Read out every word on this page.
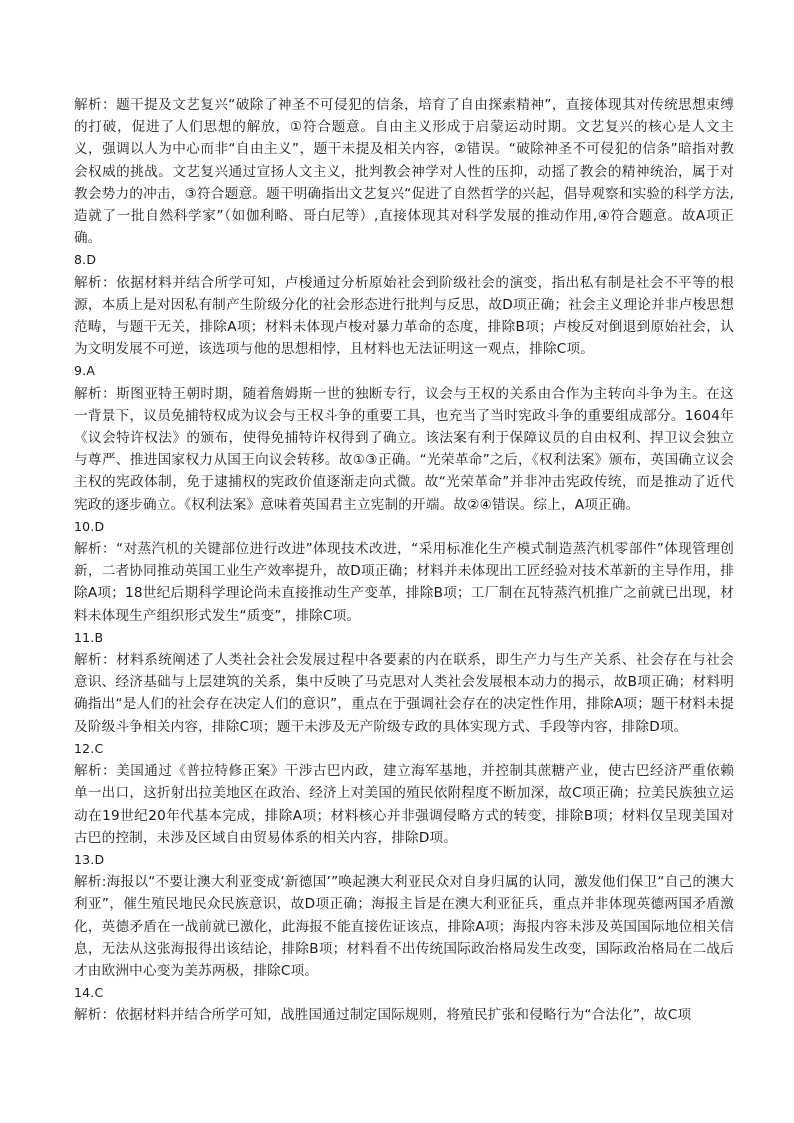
解析：题干提及文艺复兴“破除了神圣不可侵犯的信条，培育了自由探索精神”，直接体现其对传统思想束缚的打破，促进了人们思想的解放，①符合题意。自由主义形成于启蒙运动时期。文艺复兴的核心是人文主义，强调以人为中心而非“自由主义”，题干未提及相关内容，②错误。“破除神圣不可侵犯的信条”暗指对教会权威的挑战。文艺复兴通过宣扬人文主义，批判教会神学对人性的压抑，动摇了教会的精神统治，属于对教会势力的冲击，③符合题意。题干明确指出文艺复兴“促进了自然哲学的兴起，倡导观察和实验的科学方法,造就了一批自然科学家”（如伽利略、哥白尼等）,直接体现其对科学发展的推动作用,④符合题意。故A项正确。

8.D

解析：依据材料并结合所学可知，卢梭通过分析原始社会到阶级社会的演变，指出私有制是社会不平等的根源，本质上是对因私有制产生阶级分化的社会形态进行批判与反思，故D项正确；社会主义理论并非卢梭思想范畴，与题干无关，排除A项；材料未体现卢梭对暴力革命的态度，排除B项；卢梭反对倒退到原始社会，认为文明发展不可逆，该选项与他的思想相悖，且材料也无法证明这一观点，排除C项。

9.A

解析：斯图亚特王朝时期，随着詹姆斯一世的独断专行，议会与王权的关系由合作为主转向斗争为主。在这一背景下，议员免捕特权成为议会与王权斗争的重要工具，也充当了当时宪政斗争的重要组成部分。1604年《议会特许权法》的颁布，使得免捕特许权得到了确立。该法案有利于保障议员的自由权利、捍卫议会独立与尊严、推进国家权力从国王向议会转移。故①③正确。“光荣革命”之后，《权利法案》颁布，英国确立议会主权的宪政体制，免于逮捕权的宪政价值逐渐走向式微。故“光荣革命”并非冲击宪政传统，而是推动了近代宪政的逐步确立。《权利法案》意味着英国君主立宪制的开端。故②④错误。综上，A项正确。

10.D

解析：“对蒸汽机的关键部位进行改进”体现技术改进，“采用标准化生产模式制造蒸汽机零部件”体现管理创新，二者协同推动英国工业生产效率提升，故D项正确；材料并未体现出工匠经验对技术革新的主导作用，排除A项；18世纪后期科学理论尚未直接推动生产变革，排除B项；工厂制在瓦特蒸汽机推广之前就已出现，材料未体现生产组织形式发生“质变”，排除C项。

11.B

解析：材料系统阐述了人类社会社会发展过程中各要素的内在联系，即生产力与生产关系、社会存在与社会意识、经济基础与上层建筑的关系，集中反映了马克思对人类社会发展根本动力的揭示，故B项正确；材料明确指出“是人们的社会存在决定人们的意识”，重点在于强调社会存在的决定性作用，排除A项；题干材料未提及阶级斗争相关内容，排除C项；题干未涉及无产阶级专政的具体实现方式、手段等内容，排除D项。

12.C

解析：美国通过《普拉特修正案》干涉古巴内政，建立海军基地，并控制其蔗糖产业，使古巴经济严重依赖单一出口，这折射出拉美地区在政治、经济上对美国的殖民依附程度不断加深，故C项正确；拉美民族独立运动在19世纪20年代基本完成，排除A项；材料核心并非强调侵略方式的转变，排除B项；材料仅呈现美国对古巴的控制，未涉及区域自由贸易体系的相关内容，排除D项。

13.D

解析:海报以“不要让澳大利亚变成‘新德国’”唤起澳大利亚民众对自身归属的认同，激发他们保卫“自己的澳大利亚”，催生殖民地民众民族意识，故D项正确；海报主旨是在澳大利亚征兵，重点并非体现英德两国矛盾激化，英德矛盾在一战前就已激化，此海报不能直接佐证该点，排除A项；海报内容未涉及英国国际地位相关信息，无法从这张海报得出该结论，排除B项；材料看不出传统国际政治格局发生改变，国际政治格局在二战后才由欧洲中心变为美苏两极，排除C项。

14.C

解析：依据材料并结合所学可知，战胜国通过制定国际规则，将殖民扩张和侵略行为“合法化”，故C项
